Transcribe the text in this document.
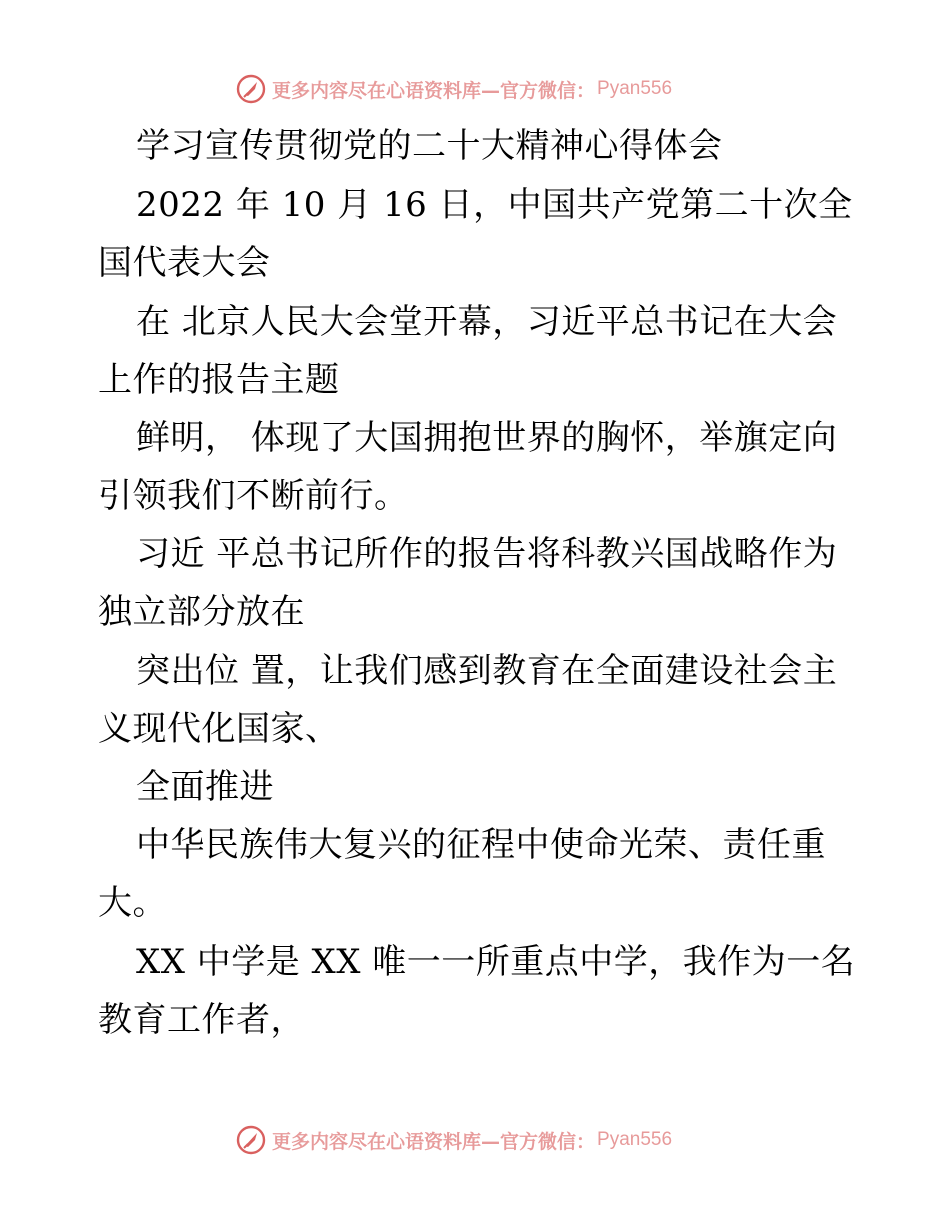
更多内容尽在心语资料库—官方微信： Pyan556
学习宣传贯彻党的二十大精神心得体会
2022 年 10 月 16 日，中国共产党第二十次全
国代表大会
在 北京人民大会堂开幕，习近平总书记在大会
上作的报告主题
鲜明， 体现了大国拥抱世界的胸怀，举旗定向
引领我们不断前行。
习近 平总书记所作的报告将科教兴国战略作为
独立部分放在
突出位 置，让我们感到教育在全面建设社会主
义现代化国家、
全面推进
中华民族伟大复兴的征程中使命光荣、责任重
大。
XX 中学是 XX 唯一一所重点中学，我作为一名
教育工作者，
更多内容尽在心语资料库—官方微信： Pyan556
